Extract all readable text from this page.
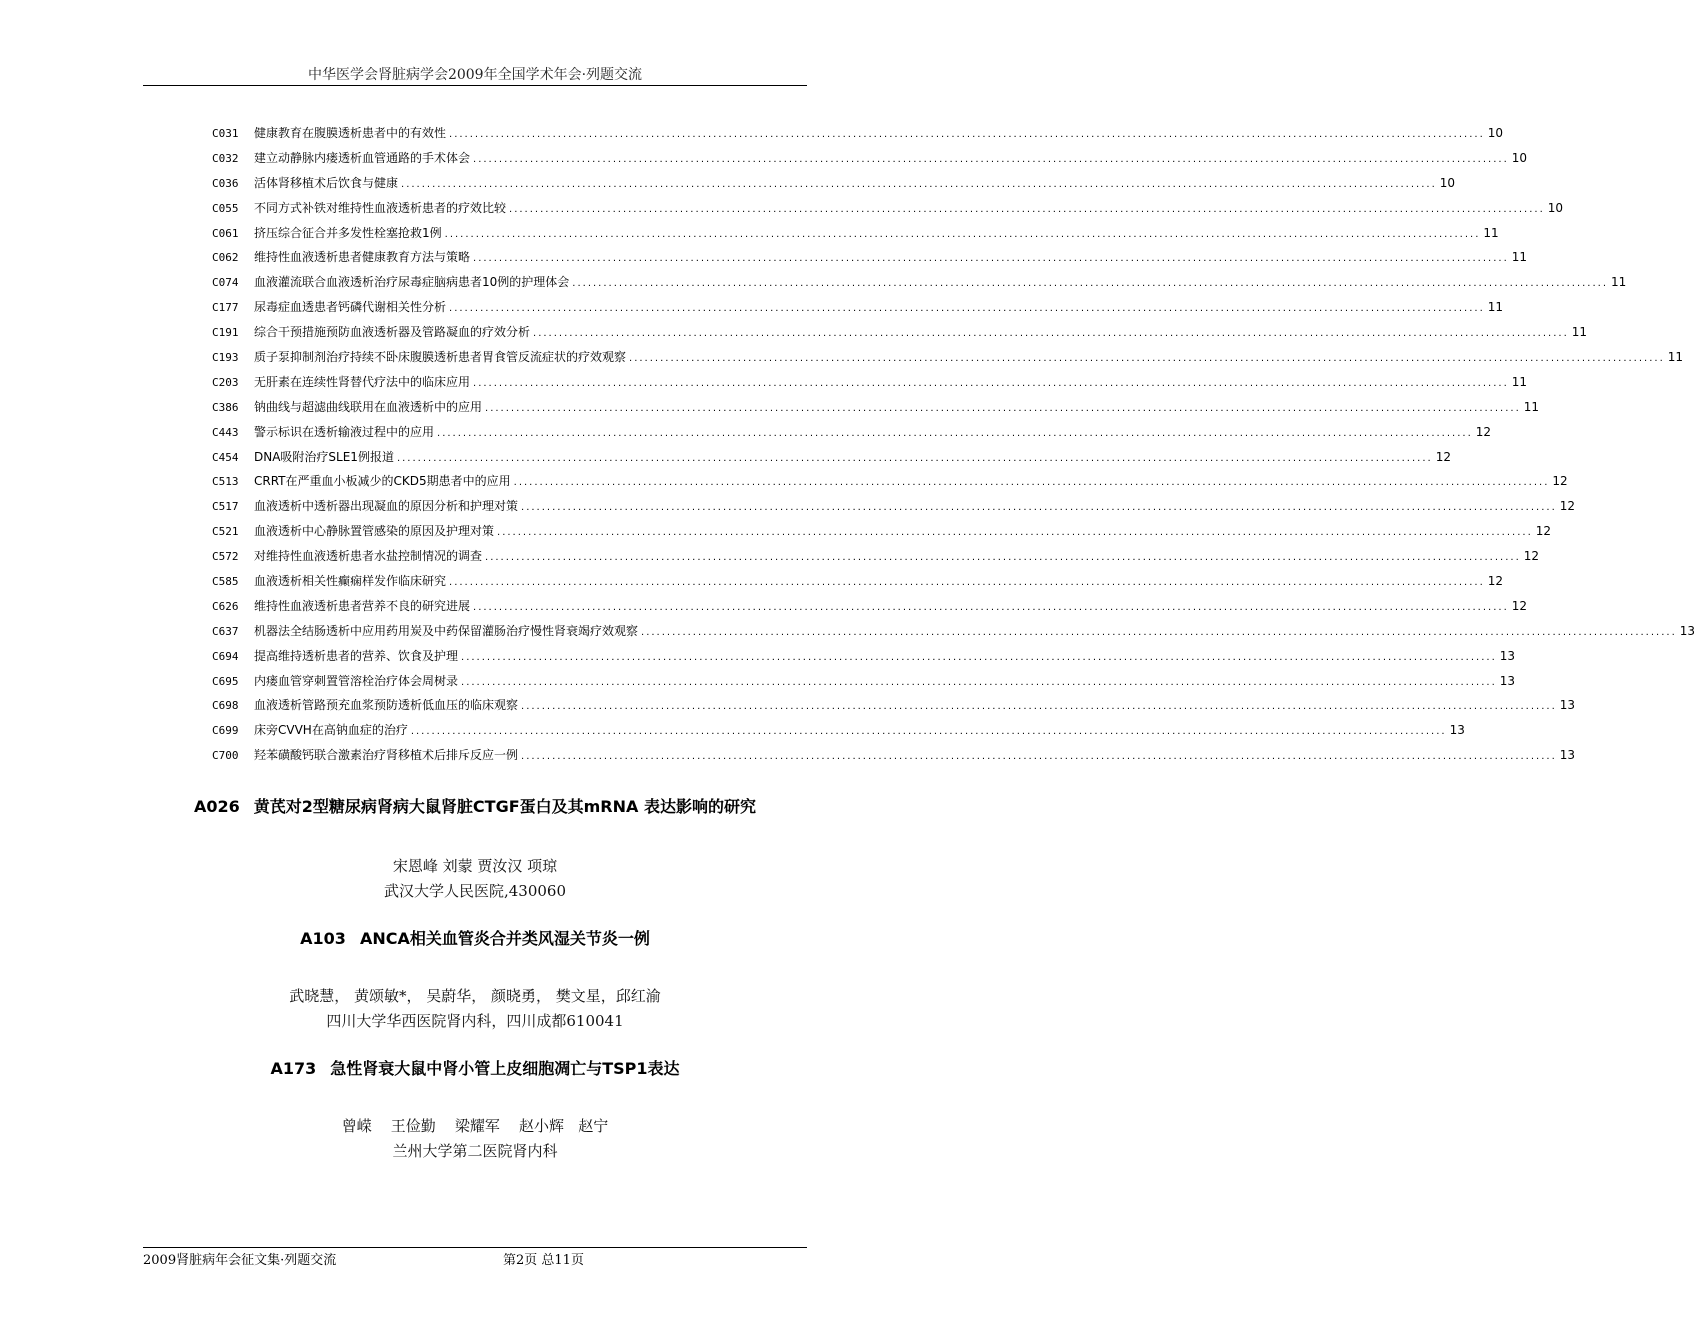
中华医学会肾脏病学会2009年全国学术年会·列题交流
C031	健康教育在腹膜透析患者中的有效性 ........................................................................................................................................................................................................ 10
C032	建立动静脉内瘘透析血管通路的手术体会 ........................................................................................................................................................................................................ 10
C036	活体肾移植术后饮食与健康 ........................................................................................................................................................................................................ 10
C055	不同方式补铁对维持性血液透析患者的疗效比较 ........................................................................................................................................................................................................ 10
C061	挤压综合征合并多发性栓塞抢救1例 ........................................................................................................................................................................................................ 11
C062	维持性血液透析患者健康教育方法与策略 ........................................................................................................................................................................................................ 11
C074	血液灌流联合血液透析治疗尿毒症脑病患者10例的护理体会 ........................................................................................................................................................................................................ 11
C177	尿毒症血透患者钙磷代谢相关性分析 ........................................................................................................................................................................................................ 11
C191	综合干预措施预防血液透析器及管路凝血的疗效分析 ........................................................................................................................................................................................................ 11
C193	质子泵抑制剂治疗持续不卧床腹膜透析患者胃食管反流症状的疗效观察 ........................................................................................................................................................................................................ 11
C203	无肝素在连续性肾替代疗法中的临床应用 ........................................................................................................................................................................................................ 11
C386	钠曲线与超滤曲线联用在血液透析中的应用 ........................................................................................................................................................................................................ 11
C443	警示标识在透析输液过程中的应用 ........................................................................................................................................................................................................ 12
C454	DNA吸附治疗SLE1例报道 ........................................................................................................................................................................................................ 12
C513	CRRT在严重血小板减少的CKD5期患者中的应用 ........................................................................................................................................................................................................ 12
C517	血液透析中透析器出现凝血的原因分析和护理对策 ........................................................................................................................................................................................................ 12
C521	血液透析中心静脉置管感染的原因及护理对策 ........................................................................................................................................................................................................ 12
C572	对维持性血液透析患者水盐控制情况的调查 ........................................................................................................................................................................................................ 12
C585	血液透析相关性癫痫样发作临床研究 ........................................................................................................................................................................................................ 12
C626	维持性血液透析患者营养不良的研究进展 ........................................................................................................................................................................................................ 12
C637	机器法全结肠透析中应用药用炭及中药保留灌肠治疗慢性肾衰竭疗效观察 ........................................................................................................................................................................................................ 13
C694	提高维持透析患者的营养、饮食及护理 ........................................................................................................................................................................................................ 13
C695	内瘘血管穿刺置管溶栓治疗体会周树录 ........................................................................................................................................................................................................ 13
C698	血液透析管路预充血浆预防透析低血压的临床观察 ........................................................................................................................................................................................................ 13
C699	床旁CVVH在高钠血症的治疗 ........................................................................................................................................................................................................ 13
C700	羟苯磺酸钙联合激素治疗肾移植术后排斥反应一例 ........................................................................................................................................................................................................ 13
A026 黄芪对2型糖尿病肾病大鼠肾脏CTGF蛋白及其mRNA 表达影响的研究
宋恩峰 刘蒙 贾汝汉 项琼
武汉大学人民医院,430060
A103 ANCA相关血管炎合并类风湿关节炎一例
武晓慧， 黄颂敏*， 吴蔚华， 颜晓勇， 樊文星，邱红渝
四川大学华西医院肾内科，四川成都610041
A173 急性肾衰大鼠中肾小管上皮细胞凋亡与TSP1表达
曾嵘    王俭勤    梁耀军    赵小辉   赵宁
兰州大学第二医院肾内科
2009肾脏病年会征文集·列题交流	第2页 总11页
